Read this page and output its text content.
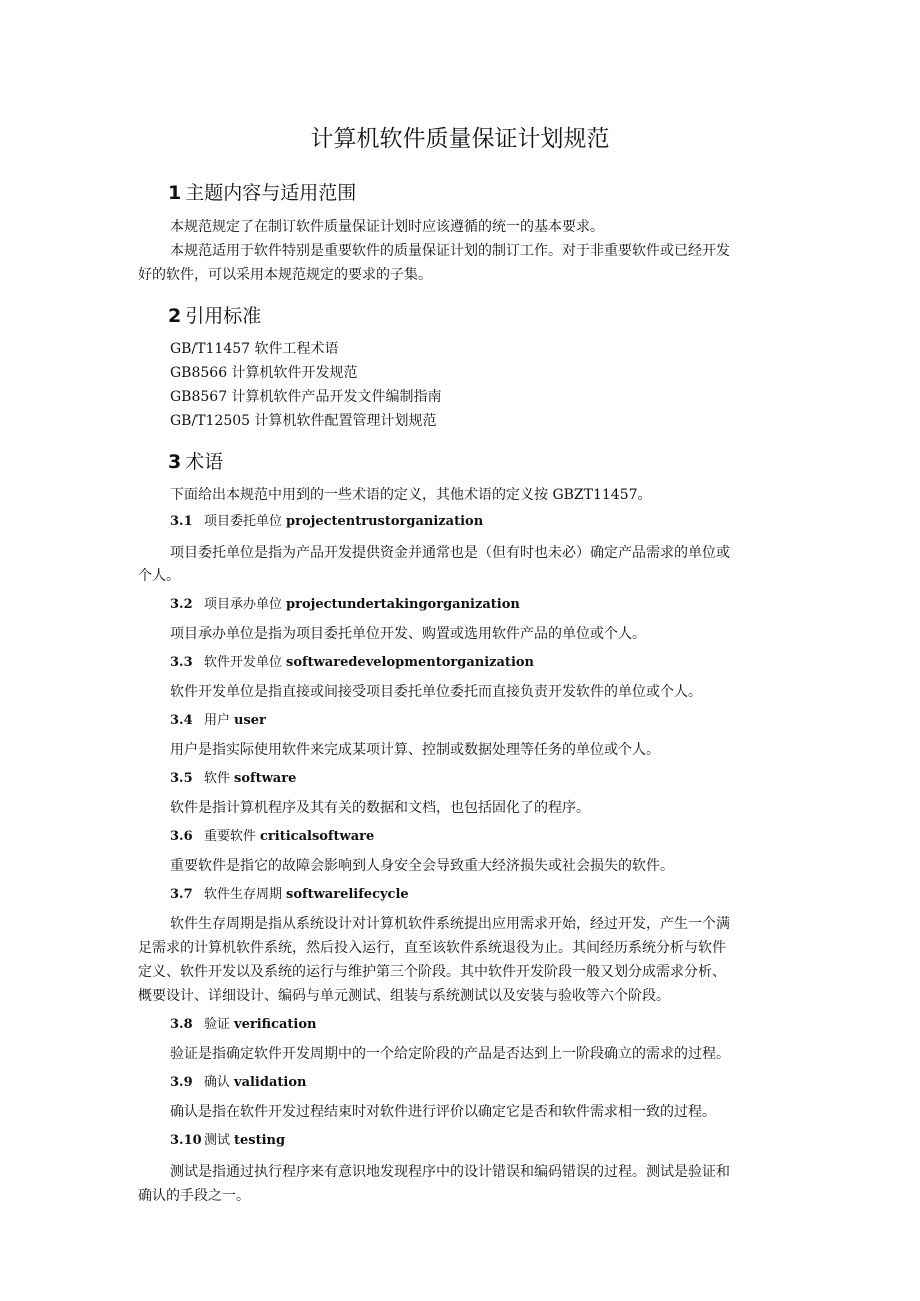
计算机软件质量保证计划规范
1 主题内容与适用范围
本规范规定了在制订软件质量保证计划时应该遵循的统一的基本要求。
本规范适用于软件特别是重要软件的质量保证计划的制订工作。对于非重要软件或已经开发
好的软件，可以采用本规范规定的要求的子集。
2 引用标准
GB/T11457 软件工程术语
GB8566 计算机软件开发规范
GB8567 计算机软件产品开发文件编制指南
GB/T12505 计算机软件配置管理计划规范
3 术语
下面给出本规范中用到的一些术语的定义，其他术语的定义按 GBZT11457。
3.1 项目委托单位 projectentrustorganization
项目委托单位是指为产品开发提供资金并通常也是（但有时也未必）确定产品需求的单位或
个人。
3.2 项目承办单位 projectundertakingorganization
项目承办单位是指为项目委托单位开发、购置或选用软件产品的单位或个人。
3.3 软件开发单位 softwaredevelopmentorganization
软件开发单位是指直接或间接受项目委托单位委托而直接负责开发软件的单位或个人。
3.4 用户 user
用户是指实际使用软件来完成某项计算、控制或数据处理等任务的单位或个人。
3.5 软件 software
软件是指计算机程序及其有关的数据和文档，也包括固化了的程序。
3.6 重要软件 criticalsoftware
重要软件是指它的故障会影响到人身安全会导致重大经济损失或社会损失的软件。
3.7 软件生存周期 softwarelifecycle
软件生存周期是指从系统设计对计算机软件系统提出应用需求开始，经过开发，产生一个满
足需求的计算机软件系统，然后投入运行，直至该软件系统退役为止。其间经历系统分析与软件
定义、软件开发以及系统的运行与维护第三个阶段。其中软件开发阶段一般又划分成需求分析、
概要设计、详细设计、编码与单元测试、组装与系统测试以及安装与验收等六个阶段。
3.8 验证 verification
验证是指确定软件开发周期中的一个给定阶段的产品是否达到上一阶段确立的需求的过程。
3.9 确认 validation
确认是指在软件开发过程结束时对软件进行评价以确定它是否和软件需求相一致的过程。
3.10 测试 testing
测试是指通过执行程序来有意识地发现程序中的设计错误和编码错误的过程。测试是验证和
确认的手段之一。
